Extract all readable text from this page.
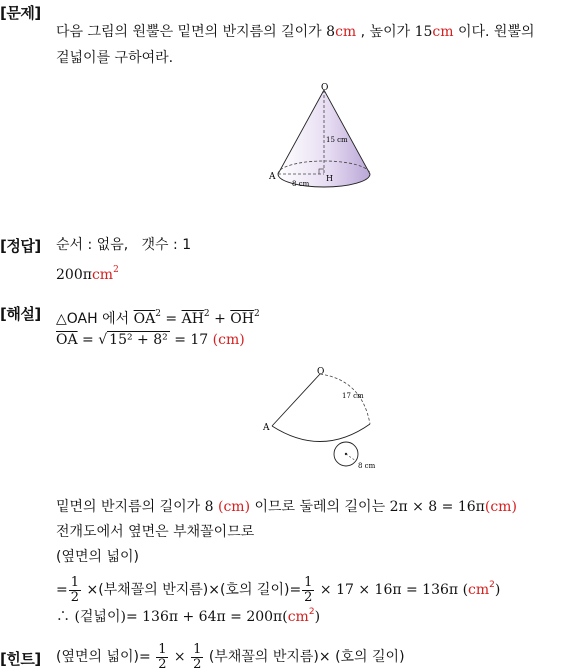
[문제]
다음 그림의 원뿔은 밑면의 반지름의 길이가 8cm , 높이가 15cm 이다. 원뿔의
겉넓이를 구하여라.
O
A	H
15 cm
8 cm
[정답] 순서 : 없음, 갯수 : 1
200πcm$^2$
[해설] △OAH 에서 $\overline{OA}^2 = \overline{AH}^2 + \overline{OH}^2$
$\overline{OA}$ = √ 15² + 8² = 17 (cm)
O
A
17 cm
8 cm
밑면의 반지름의 길이가 8 (cm) 이므로 둘레의 길이는 2π × 8 = 16π(cm)
전개도에서 옆면은 부채꼴이므로
(옆면의 넓이)
= $\frac{1}{2}$ ×(부채꼴의 반지름)×(호의 길이)= $\frac{1}{2} \times 17 \times 16\pi = 136\pi$ $(cm^2)$
∴ (겉넓이)= $136\pi + 64\pi = 200\pi(cm^2)$
[힌트] (옆면의 넓이)= $\frac{1}{2} \times \frac{1}{2}$ (부채꼴의 반지름)× (호의 길이)
